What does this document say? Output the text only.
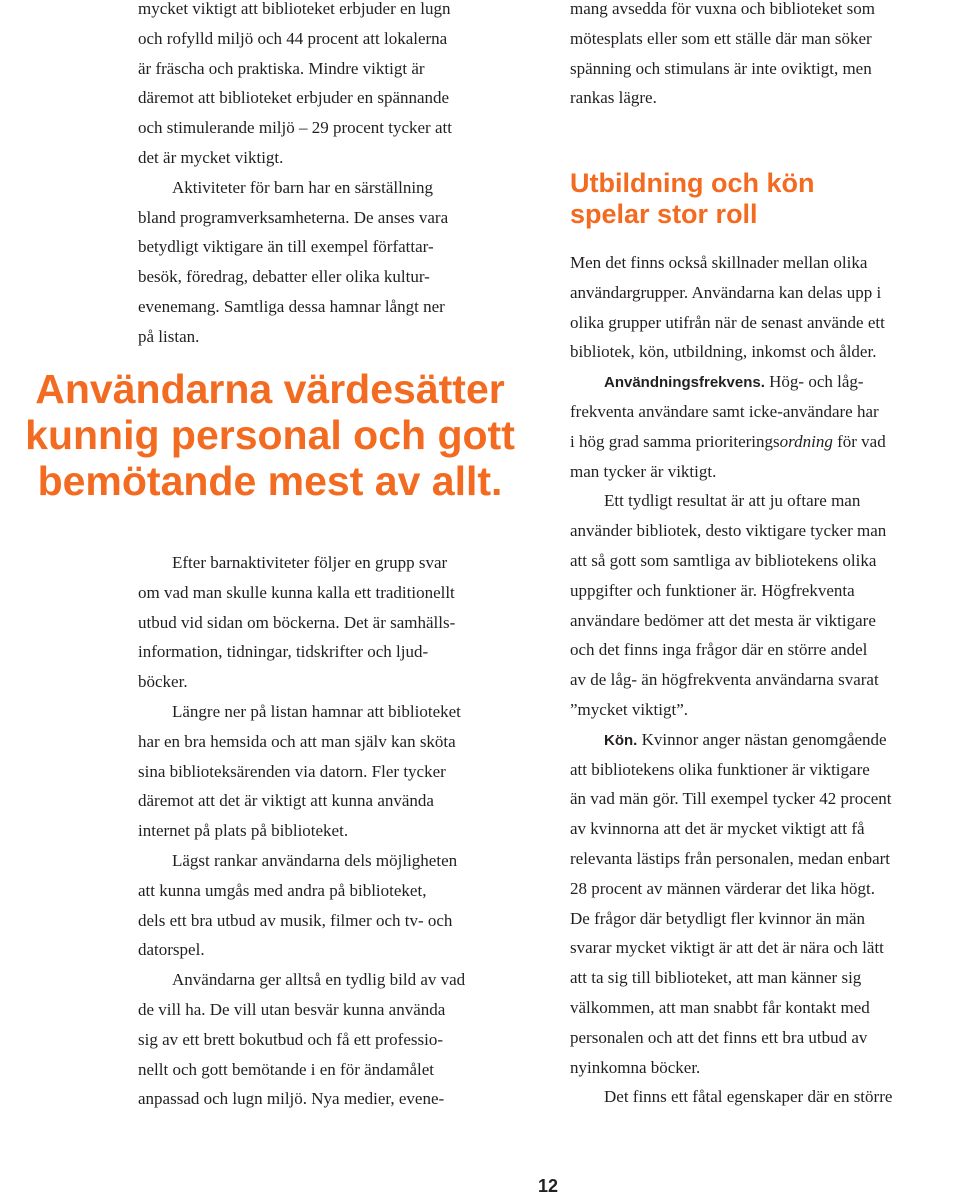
mycket viktigt att biblioteket erbjuder en lugn
och rofylld miljö och 44 procent att lokalerna
är fräscha och praktiska. Mindre viktigt är
däremot att biblioteket erbjuder en spännande
och stimulerande miljö – 29 procent tycker att
det är mycket viktigt.
Aktiviteter för barn har en särställning
bland programverksamheterna. De anses vara
betydligt viktigare än till exempel författar-
besök, föredrag, debatter eller olika kultur-
evenemang. Samtliga dessa hamnar långt ner
på listan.
Användarna värdesätter
kunnig personal och gott
bemötande mest av allt.
Efter barnaktiviteter följer en grupp svar
om vad man skulle kunna kalla ett traditionellt
utbud vid sidan om böckerna. Det är samhälls-
information, tidningar, tidskrifter och ljud-
böcker.
Längre ner på listan hamnar att biblioteket
har en bra hemsida och att man själv kan sköta
sina biblioteksärenden via datorn. Fler tycker
däremot att det är viktigt att kunna använda
internet på plats på biblioteket.
Lägst rankar användarna dels möjligheten
att kunna umgås med andra på biblioteket,
dels ett bra utbud av musik, filmer och tv- och
datorspel.
Användarna ger alltså en tydlig bild av vad
de vill ha. De vill utan besvär kunna använda
sig av ett brett bokutbud och få ett professio-
nellt och gott bemötande i en för ändamålet
anpassad och lugn miljö. Nya medier, evene-
mang avsedda för vuxna och biblioteket som
mötesplats eller som ett ställe där man söker
spänning och stimulans är inte oviktigt, men
rankas lägre.
Utbildning och kön
spelar stor roll
Men det finns också skillnader mellan olika
användargrupper. Användarna kan delas upp i
olika grupper utifrån när de senast använde ett
bibliotek, kön, utbildning, inkomst och ålder.
Användningsfrekvens. Hög- och låg-
frekventa användare samt icke-användare har
i hög grad samma prioriteringsordning för vad
man tycker är viktigt.
Ett tydligt resultat är att ju oftare man
använder bibliotek, desto viktigare tycker man
att så gott som samtliga av bibliotekens olika
uppgifter och funktioner är. Högfrekventa
användare bedömer att det mesta är viktigare
och det finns inga frågor där en större andel
av de låg- än högfrekventa användarna svarat
”mycket viktigt”.
Kön. Kvinnor anger nästan genomgående
att bibliotekens olika funktioner är viktigare
än vad män gör. Till exempel tycker 42 procent
av kvinnorna att det är mycket viktigt att få
relevanta lästips från personalen, medan enbart
28 procent av männen värderar det lika högt.
De frågor där betydligt fler kvinnor än män
svarar mycket viktigt är att det är nära och lätt
att ta sig till biblioteket, att man känner sig
välkommen, att man snabbt får kontakt med
personalen och att det finns ett bra utbud av
nyinkomna böcker.
Det finns ett fåtal egenskaper där en större
12
